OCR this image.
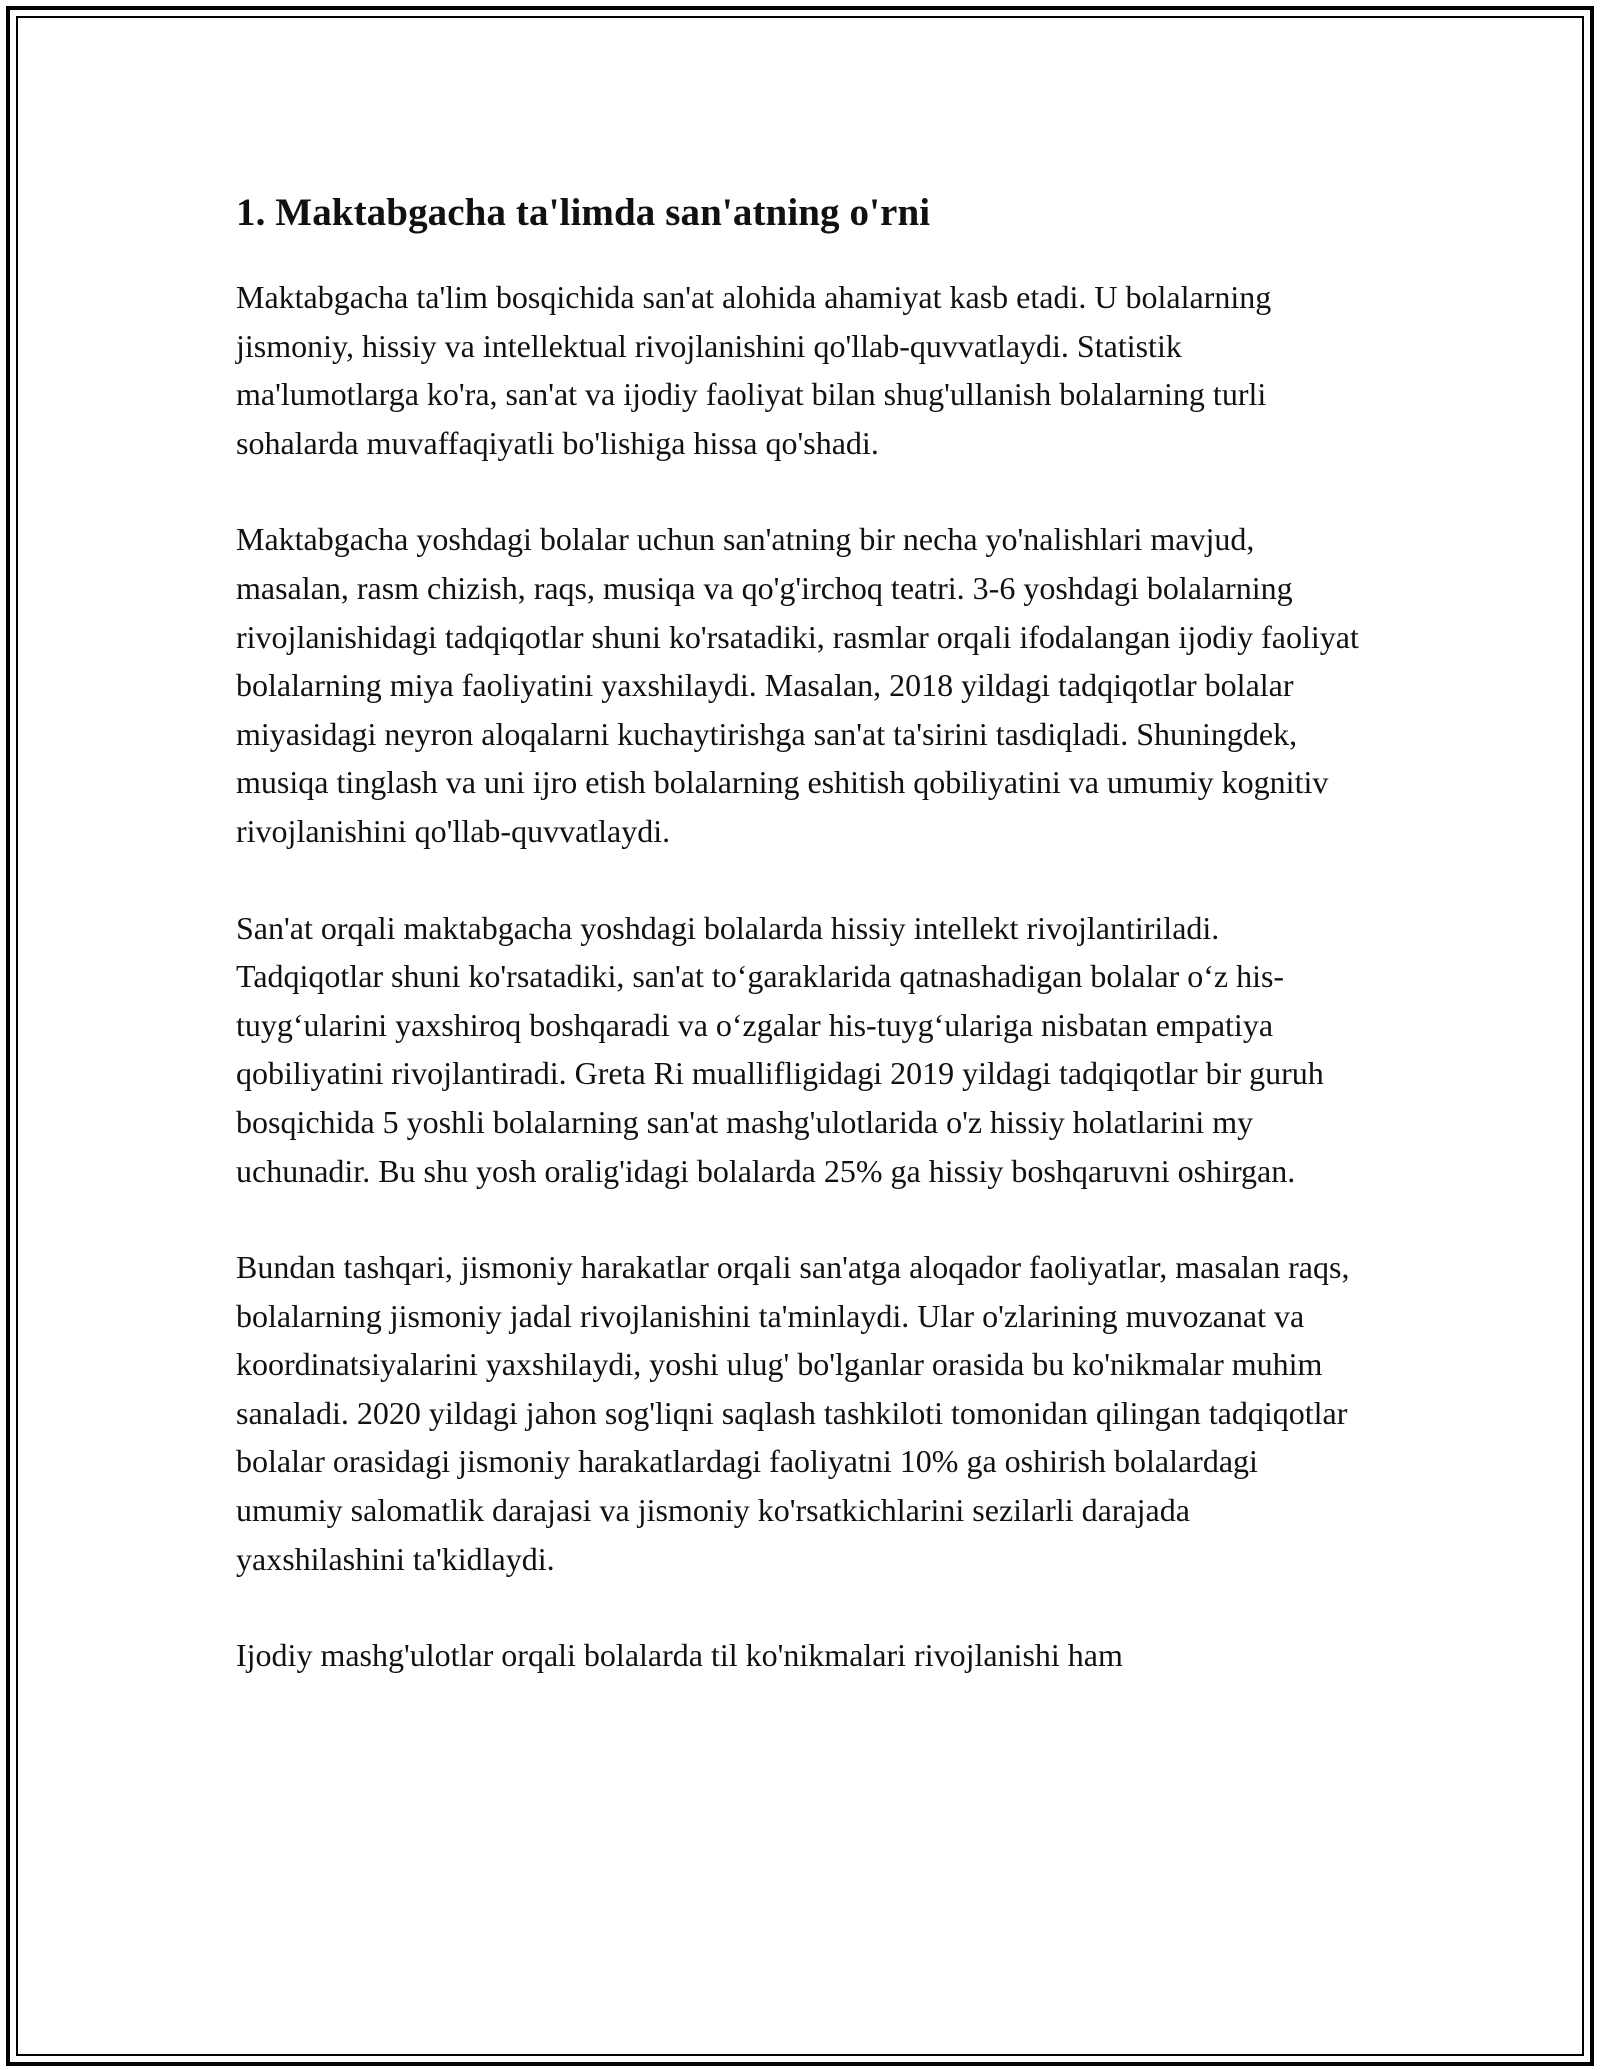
1. Maktabgacha ta'limda san'atning o'rni

Maktabgacha ta'lim bosqichida san'at alohida ahamiyat kasb etadi. U bolalarning jismoniy, hissiy va intellektual rivojlanishini qo'llab-quvvatlaydi. Statistik ma'lumotlarga ko'ra, san'at va ijodiy faoliyat bilan shug'ullanish bolalarning turli sohalarda muvaffaqiyatli bo'lishiga hissa qo'shadi.

Maktabgacha yoshdagi bolalar uchun san'atning bir necha yo'nalishlari mavjud, masalan, rasm chizish, raqs, musiqa va qo'g'irchoq teatri. 3-6 yoshdagi bolalarning rivojlanishidagi tadqiqotlar shuni ko'rsatadiki, rasmlar orqali ifodalangan ijodiy faoliyat bolalarning miya faoliyatini yaxshilaydi. Masalan, 2018 yildagi tadqiqotlar bolalar miyasidagi neyron aloqalarni kuchaytirishga san'at ta'sirini tasdiqladi. Shuningdek, musiqa tinglash va uni ijro etish bolalarning eshitish qobiliyatini va umumiy kognitiv rivojlanishini qo'llab-quvvatlaydi.

San'at orqali maktabgacha yoshdagi bolalarda hissiy intellekt rivojlantiriladi. Tadqiqotlar shuni ko'rsatadiki, san'at to‘garaklarida qatnashadigan bolalar o‘z his-tuyg‘ularini yaxshiroq boshqaradi va o‘zgalar his-tuyg‘ulariga nisbatan empatiya qobiliyatini rivojlantiradi. Greta Ri muallifligidagi 2019 yildagi tadqiqotlar bir guruh bosqichida 5 yoshli bolalarning san'at mashg'ulotlarida o'z hissiy holatlarini my uchunadir. Bu shu yosh oralig'idagi bolalarda 25% ga hissiy boshqaruvni oshirgan.

Bundan tashqari, jismoniy harakatlar orqali san'atga aloqador faoliyatlar, masalan raqs, bolalarning jismoniy jadal rivojlanishini ta'minlaydi. Ular o'zlarining muvozanat va koordinatsiyalarini yaxshilaydi, yoshi ulug' bo'lganlar orasida bu ko'nikmalar muhim sanaladi. 2020 yildagi jahon sog'liqni saqlash tashkiloti tomonidan qilingan tadqiqotlar bolalar orasidagi jismoniy harakatlardagi faoliyatni 10% ga oshirish bolalardagi umumiy salomatlik darajasi va jismoniy ko'rsatkichlarini sezilarli darajada yaxshilashini ta'kidlaydi.

Ijodiy mashg'ulotlar orqali bolalarda til ko'nikmalari rivojlanishi ham
